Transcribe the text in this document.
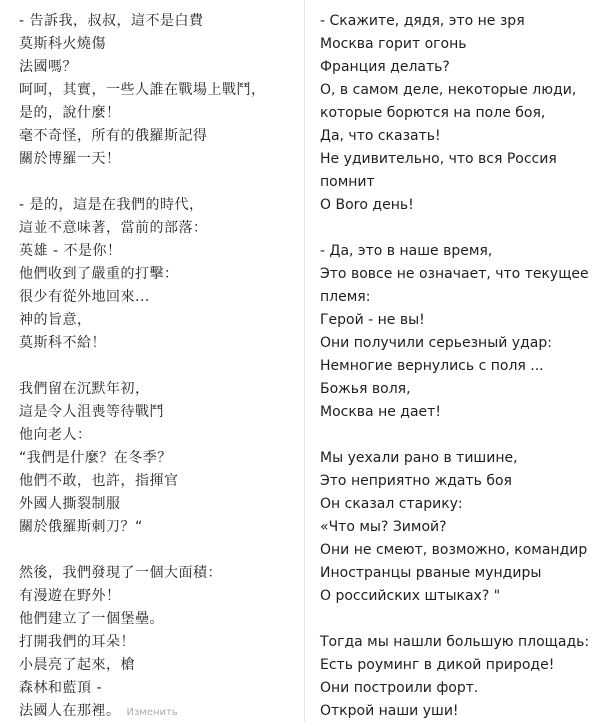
- 告訴我，叔叔，這不是白費
莫斯科火燒傷
法國嗎？
呵呵，其實，一些人誰在戰場上戰鬥，
是的，說什麼！
毫不奇怪，所有的俄羅斯記得
關於博羅一天！
- 是的，這是在我們的時代，
這並不意味著，當前的部落：
英雄 - 不是你！
他們收到了嚴重的打擊：
很少有從外地回來...
神的旨意，
莫斯科不給！
我們留在沉默年初，
這是令人沮喪等待戰鬥
他向老人：
“我們是什麼？在冬季？
他們不敢，也許，指揮官
外國人撕裂制服
關於俄羅斯刺刀？“
然後，我們發現了一個大面積：
有漫遊在野外！
他們建立了一個堡壘。
打開我們的耳朵！
小晨亮了起來，槍
森林和藍頂 -
法國人在那裡。 Изменить
- Скажите, дядя, это не зря
Москва горит огонь
Франция делать?
О, в самом деле, некоторые люди,
которые борются на поле боя,
Да, что сказать!
Не удивительно, что вся Россия
помнит
О Воrо день!
- Да, это в наше время,
Это вовсе не означает, что текущее
племя:
Герой - не вы!
Они получили серьезный удар:
Немногие вернулись с поля ...
Божья воля,
Москва не дает!
Мы уехали рано в тишине,
Это неприятно ждать боя
Он сказал старику:
«Что мы? Зимой?
Они не смеют, возможно, командир
Иностранцы рваные мундиры
О российских штыках? "
Тогда мы нашли большую площадь:
Есть роуминг в дикой природе!
Они построили форт.
Открой наши уши!
